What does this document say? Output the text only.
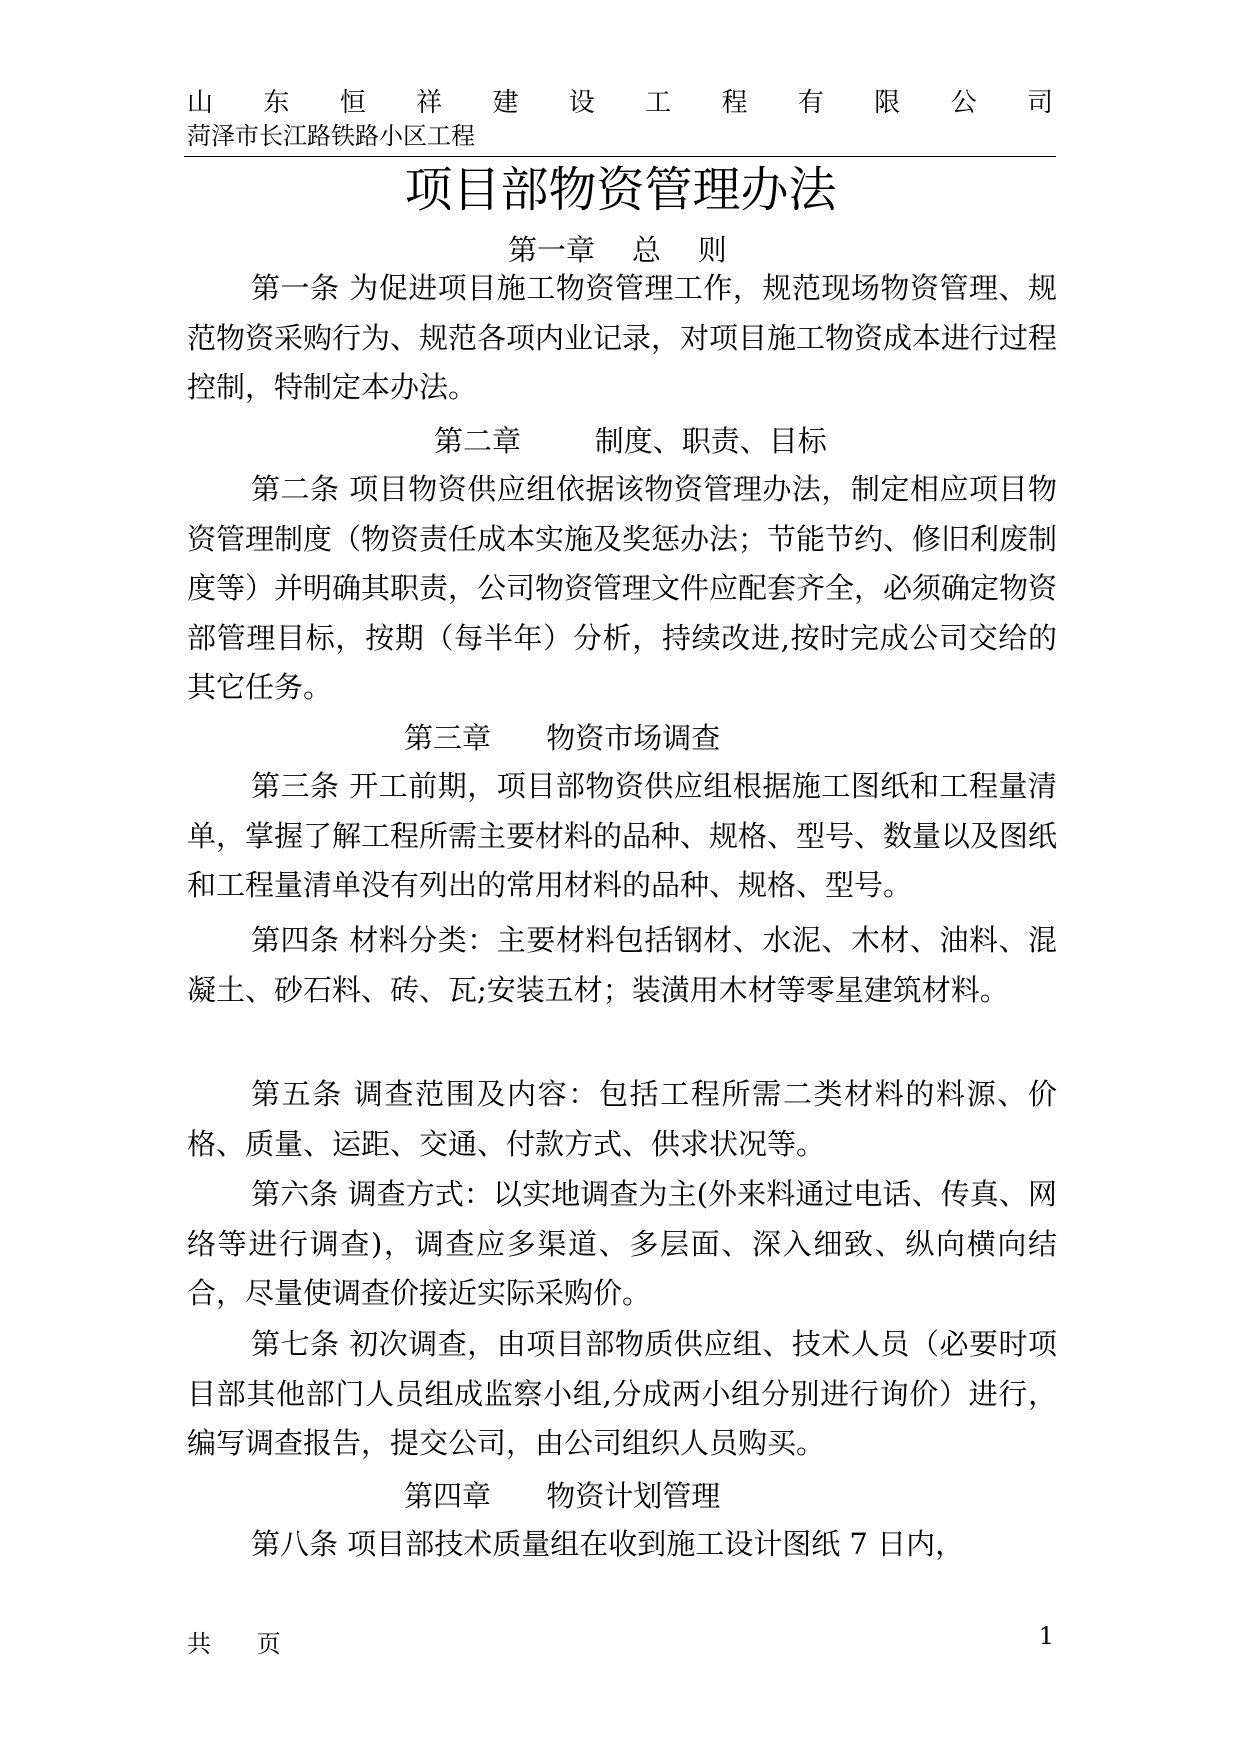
山东恒祥建设工程有限公司
菏泽市长江路铁路小区工程
项目部物资管理办法
第一章    总    则
第一条 为促进项目施工物资管理工作，规范现场物资管理、规范物资采购行为、规范各项内业记录，对项目施工物资成本进行过程控制，特制定本办法。
第二章        制度、职责、目标
第二条 项目物资供应组依据该物资管理办法，制定相应项目物资管理制度（物资责任成本实施及奖惩办法；节能节约、修旧利废制度等）并明确其职责，公司物资管理文件应配套齐全，必须确定物资部管理目标，按期（每半年）分析，持续改进,按时完成公司交给的其它任务。
第三章      物资市场调查
第三条 开工前期，项目部物资供应组根据施工图纸和工程量清单，掌握了解工程所需主要材料的品种、规格、型号、数量以及图纸和工程量清单没有列出的常用材料的品种、规格、型号。
第四条 材料分类：主要材料包括钢材、水泥、木材、油料、混凝土、砂石料、砖、瓦;安装五材；装潢用木材等零星建筑材料。
第五条 调查范围及内容：包括工程所需二类材料的料源、价格、质量、运距、交通、付款方式、供求状况等。
第六条 调查方式：以实地调查为主(外来料通过电话、传真、网络等进行调查)，调查应多渠道、多层面、深入细致、纵向横向结合，尽量使调查价接近实际采购价。
第七条 初次调查，由项目部物质供应组、技术人员（必要时项目部其他部门人员组成监察小组,分成两小组分别进行询价）进行，编写调查报告，提交公司，由公司组织人员购买。
第四章      物资计划管理
第八条 项目部技术质量组在收到施工设计图纸 7 日内，
共      页	1
